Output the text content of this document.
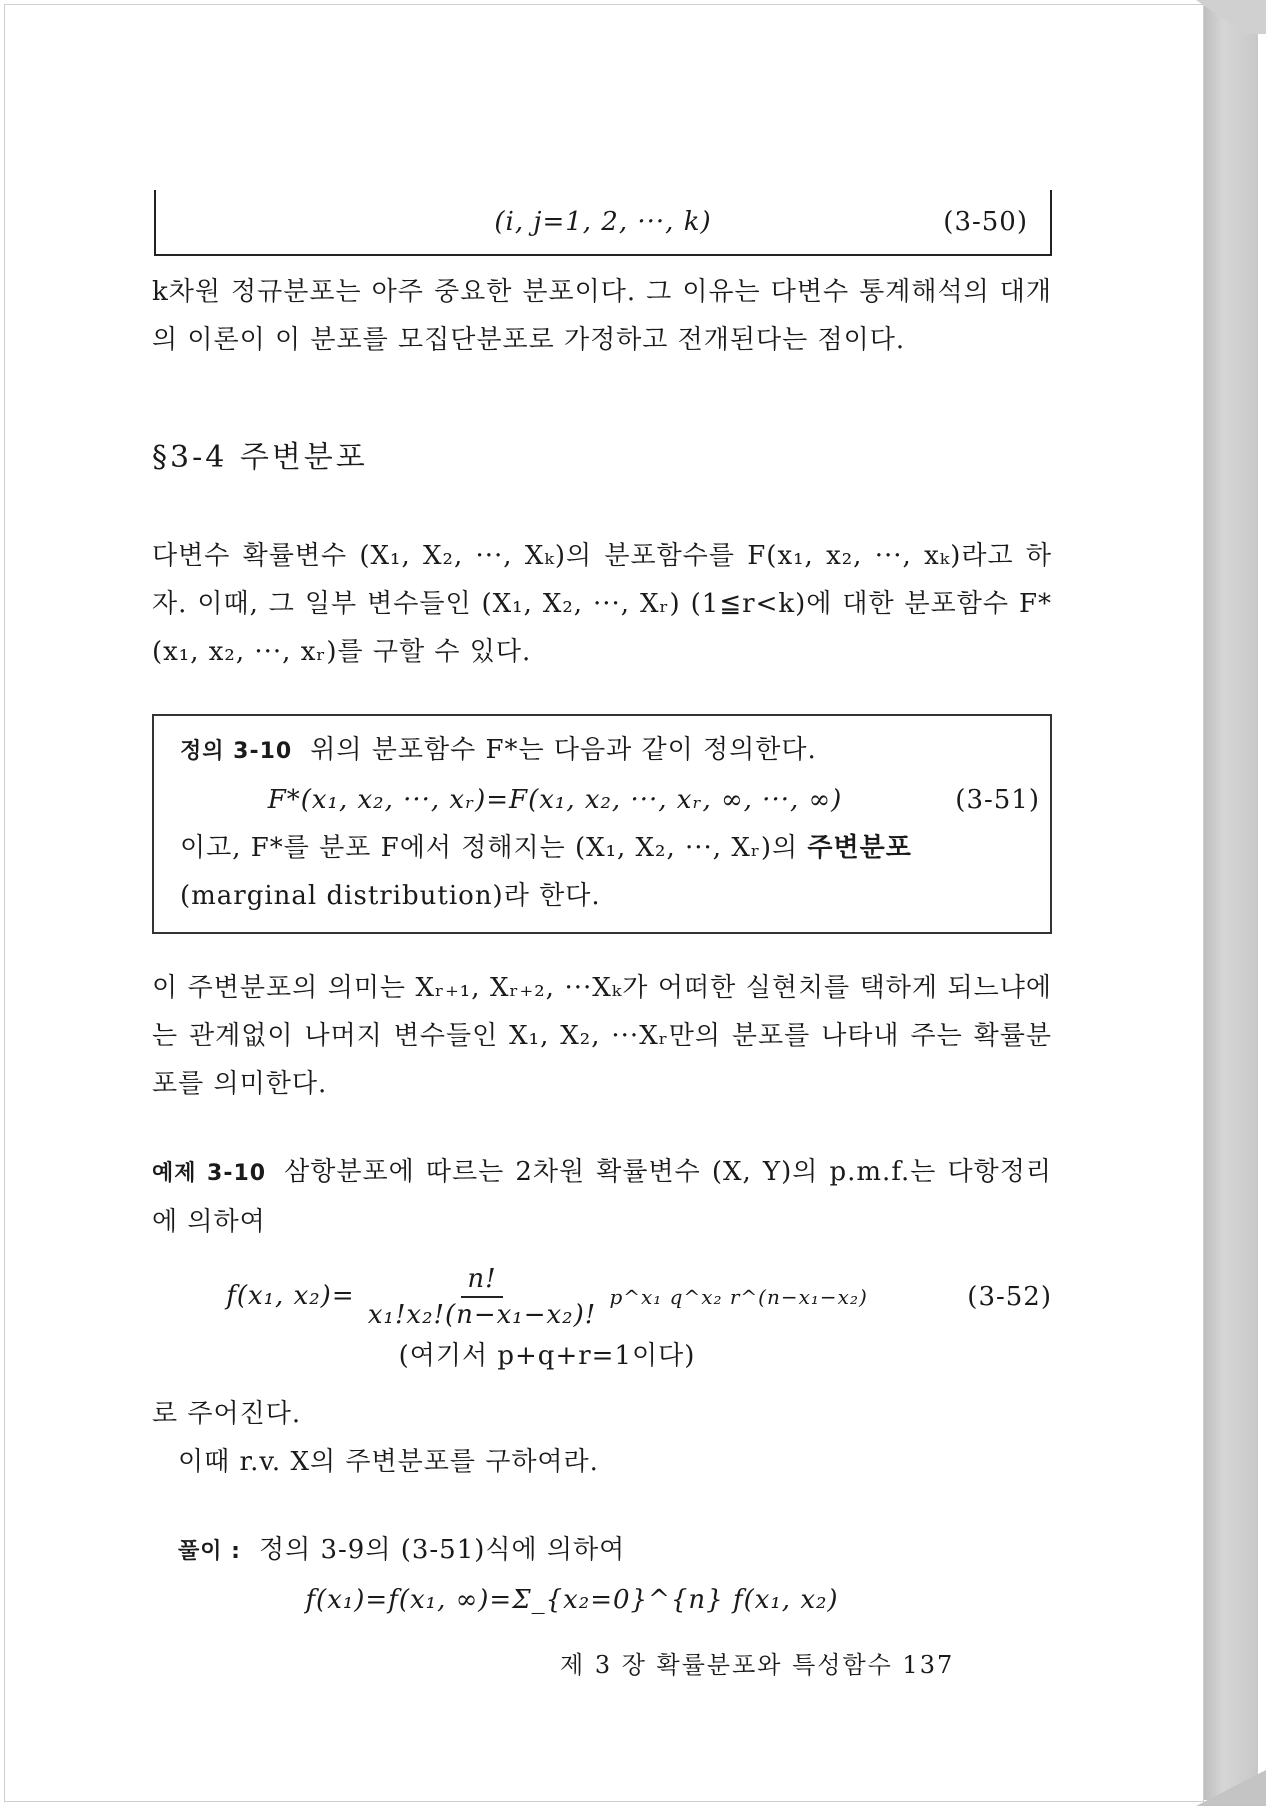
(i, j=1, 2, ···, k)	(3-50)

k차원 정규분포는 아주 중요한 분포이다. 그 이유는 다변수 통계해석의 대개의 이론이 이 분포를 모집단분포로 가정하고 전개된다는 점이다.

§3-4 주변분포

다변수 확률변수 (X₁, X₂, ···, Xₖ)의 분포함수를 F(x₁, x₂, ···, xₖ)라고 하자. 이때, 그 일부 변수들인 (X₁, X₂, ···, Xᵣ) (1≦r<k)에 대한 분포함수 F*(x₁, x₂, ···, xᵣ)를 구할 수 있다.

정의 3-10 위의 분포함수 F*는 다음과 같이 정의한다.
F*(x₁, x₂, ···, xᵣ)=F(x₁, x₂, ···, xᵣ, ∞, ···, ∞)	(3-51)
이고, F*를 분포 F에서 정해지는 (X₁, X₂, ···, Xᵣ)의 주변분포(marginal distribution)라 한다.

이 주변분포의 의미는 Xᵣ₊₁, Xᵣ₊₂, ···Xₖ가 어떠한 실현치를 택하게 되느냐에는 관계없이 나머지 변수들인 X₁, X₂, ···Xᵣ만의 분포를 나타내 주는 확률분포를 의미한다.

예제 3-10 삼항분포에 따르는 2차원 확률변수 (X, Y)의 p.m.f.는 다항정리에 의하여

f(x₁, $x_2)= \frac{n!}{\text{x₁!x₂!(n−x₁−x₂)!}}$ p^x₁ q^x₂ r^(n−x₁−x₂)	(3-52)
(여기서 p+q+r=1이다)

로 주어진다.

이때 r.v. X의 주변분포를 구하여라.

풀이 : 정의 3-9의 (3-51)식에 의하여

f(x₁)=f(x₁, ∞)=Σ_{x₂=0}^{n} f(x₁, x₂)
제 3 장 확률분포와 특성함수 137
